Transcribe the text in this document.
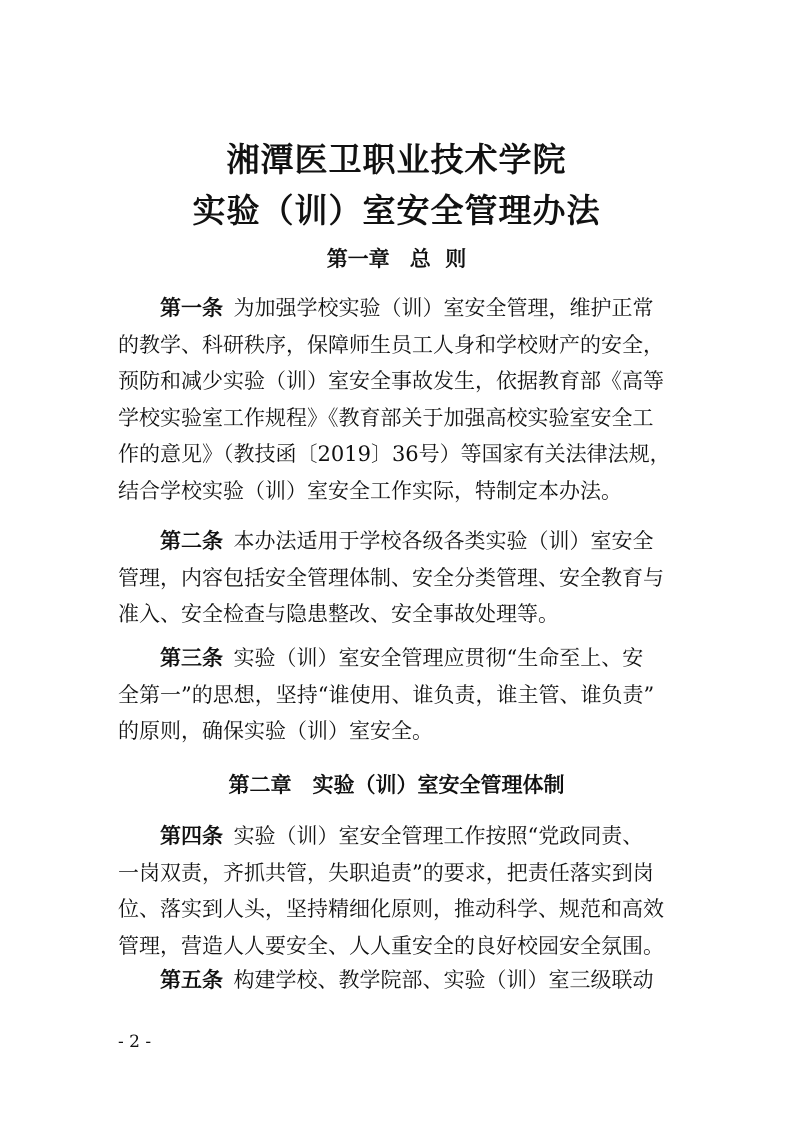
湘潭医卫职业技术学院
实验（训）室安全管理办法
第一章 总  则
第一条  为加强学校实验（训）室安全管理，维护正常
的教学、科研秩序，保障师生员工人身和学校财产的安全，
预防和减少实验（训）室安全事故发生，依据教育部《高等
学校实验室工作规程》《教育部关于加强高校实验室安全工
作的意见》（教技函〔2019〕36号）等国家有关法律法规，
结合学校实验（训）室安全工作实际，特制定本办法。
第二条  本办法适用于学校各级各类实验（训）室安全
管理，内容包括安全管理体制、安全分类管理、安全教育与
准入、安全检查与隐患整改、安全事故处理等。
第三条  实验（训）室安全管理应贯彻“生命至上、安
全第一”的思想，坚持“谁使用、谁负责，谁主管、谁负责”
的原则，确保实验（训）室安全。
第二章  实验（训）室安全管理体制
第四条  实验（训）室安全管理工作按照“党政同责、
一岗双责，齐抓共管，失职追责”的要求，把责任落实到岗
位、落实到人头，坚持精细化原则，推动科学、规范和高效
管理，营造人人要安全、人人重安全的良好校园安全氛围。
第五条  构建学校、教学院部、实验（训）室三级联动
- 2 -
